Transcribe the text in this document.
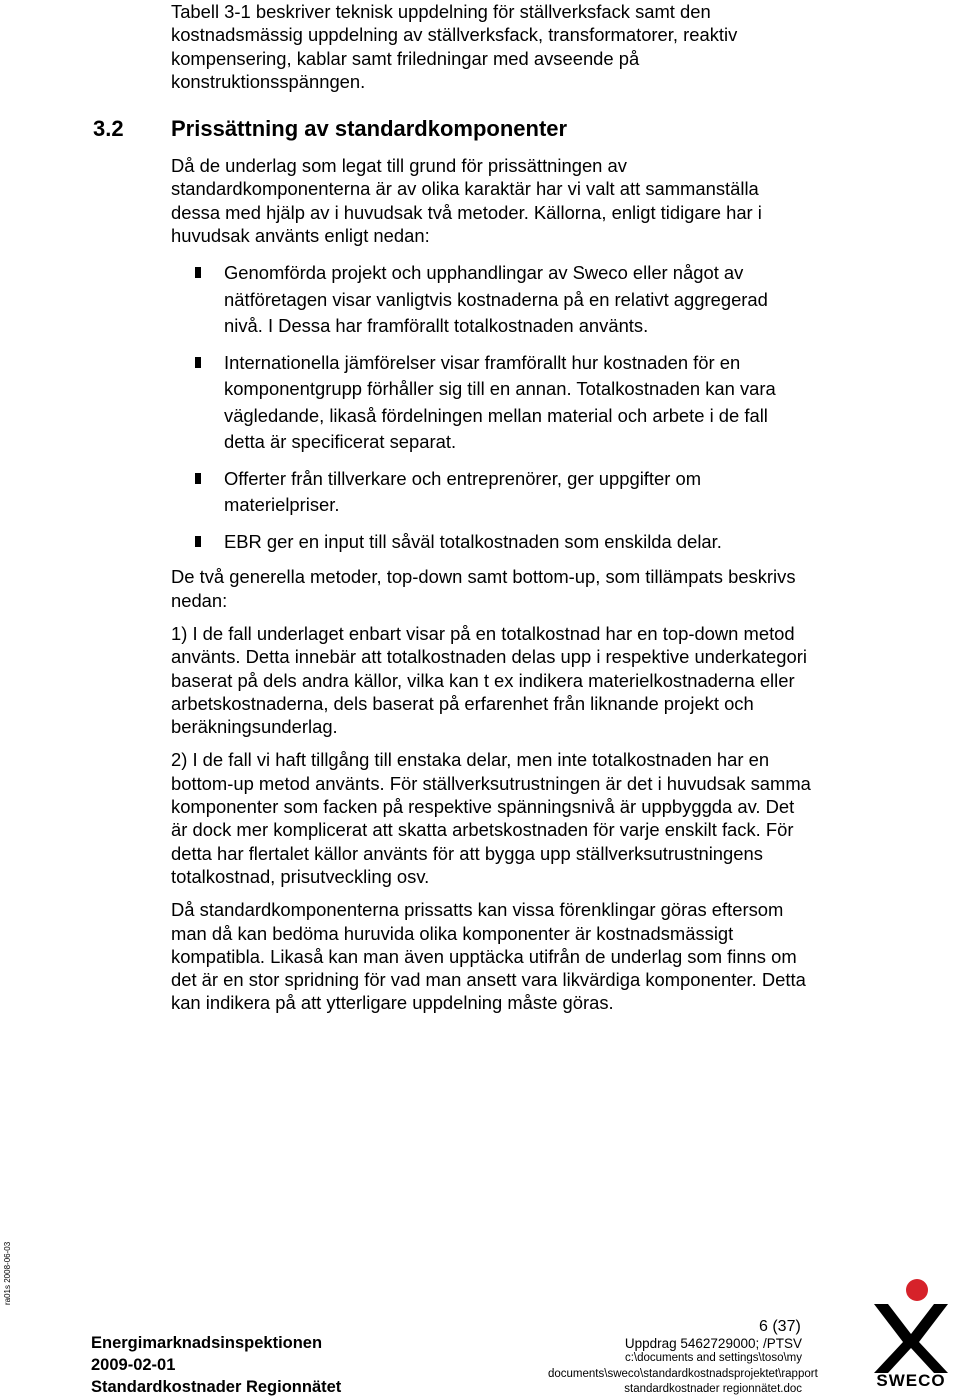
Tabell 3-1 beskriver teknisk uppdelning för ställverksfack samt den kostnadsmässig uppdelning av ställverksfack, transformatorer, reaktiv kompensering, kablar samt friledningar med avseende på konstruktionsspänngen.

3.2 Prissättning av standardkomponenter

Då de underlag som legat till grund för prissättningen av standardkomponenterna är av olika karaktär har vi valt att sammanställa dessa med hjälp av i huvudsak två metoder. Källorna, enligt tidigare har i huvudsak använts enligt nedan:

Genomförda projekt och upphandlingar av Sweco eller något av nätföretagen visar vanligtvis kostnaderna på en relativt aggregerad nivå. I Dessa har framförallt totalkostnaden använts.
Internationella jämförelser visar framförallt hur kostnaden för en komponentgrupp förhåller sig till en annan. Totalkostnaden kan vara vägledande, likaså fördelningen mellan material och arbete i de fall detta är specificerat separat.
Offerter från tillverkare och entreprenörer, ger uppgifter om materielpriser.
EBR ger en input till såväl totalkostnaden som enskilda delar.

De två generella metoder, top-down samt bottom-up, som tillämpats beskrivs nedan:

1) I de fall underlaget enbart visar på en totalkostnad har en top-down metod använts. Detta innebär att totalkostnaden delas upp i respektive underkategori baserat på dels andra källor, vilka kan t ex indikera materielkostnaderna eller arbetskostnaderna, dels baserat på erfarenhet från liknande projekt och beräkningsunderlag.

2) I de fall vi haft tillgång till enstaka delar, men inte totalkostnaden har en bottom-up metod använts. För ställverksutrustningen är det i huvudsak samma komponenter som facken på respektive spänningsnivå är uppbyggda av. Det är dock mer komplicerat att skatta arbetskostnaden för varje enskilt fack. För detta har flertalet källor använts för att bygga upp ställverksutrustningens totalkostnad, prisutveckling osv.

Då standardkomponenterna prissatts kan vissa förenklingar göras eftersom man då kan bedöma huruvida olika komponenter är kostnadsmässigt kompatibla. Likaså kan man även upptäcka utifrån de underlag som finns om det är en stor spridning för vad man ansett vara likvärdiga komponenter. Detta kan indikera på att ytterligare uppdelning måste göras.

ra01s 2008-06-03
6 (37)
Energimarknadsinspektionen
2009-02-01
Standardkostnader Regionnätet
Uppdrag 5462729000; /PTSV
c:\documents and settings\toso\my
documents\sweco\standardkostnadsprojektet\rapport
standardkostnader regionnätet.doc	SWECO
